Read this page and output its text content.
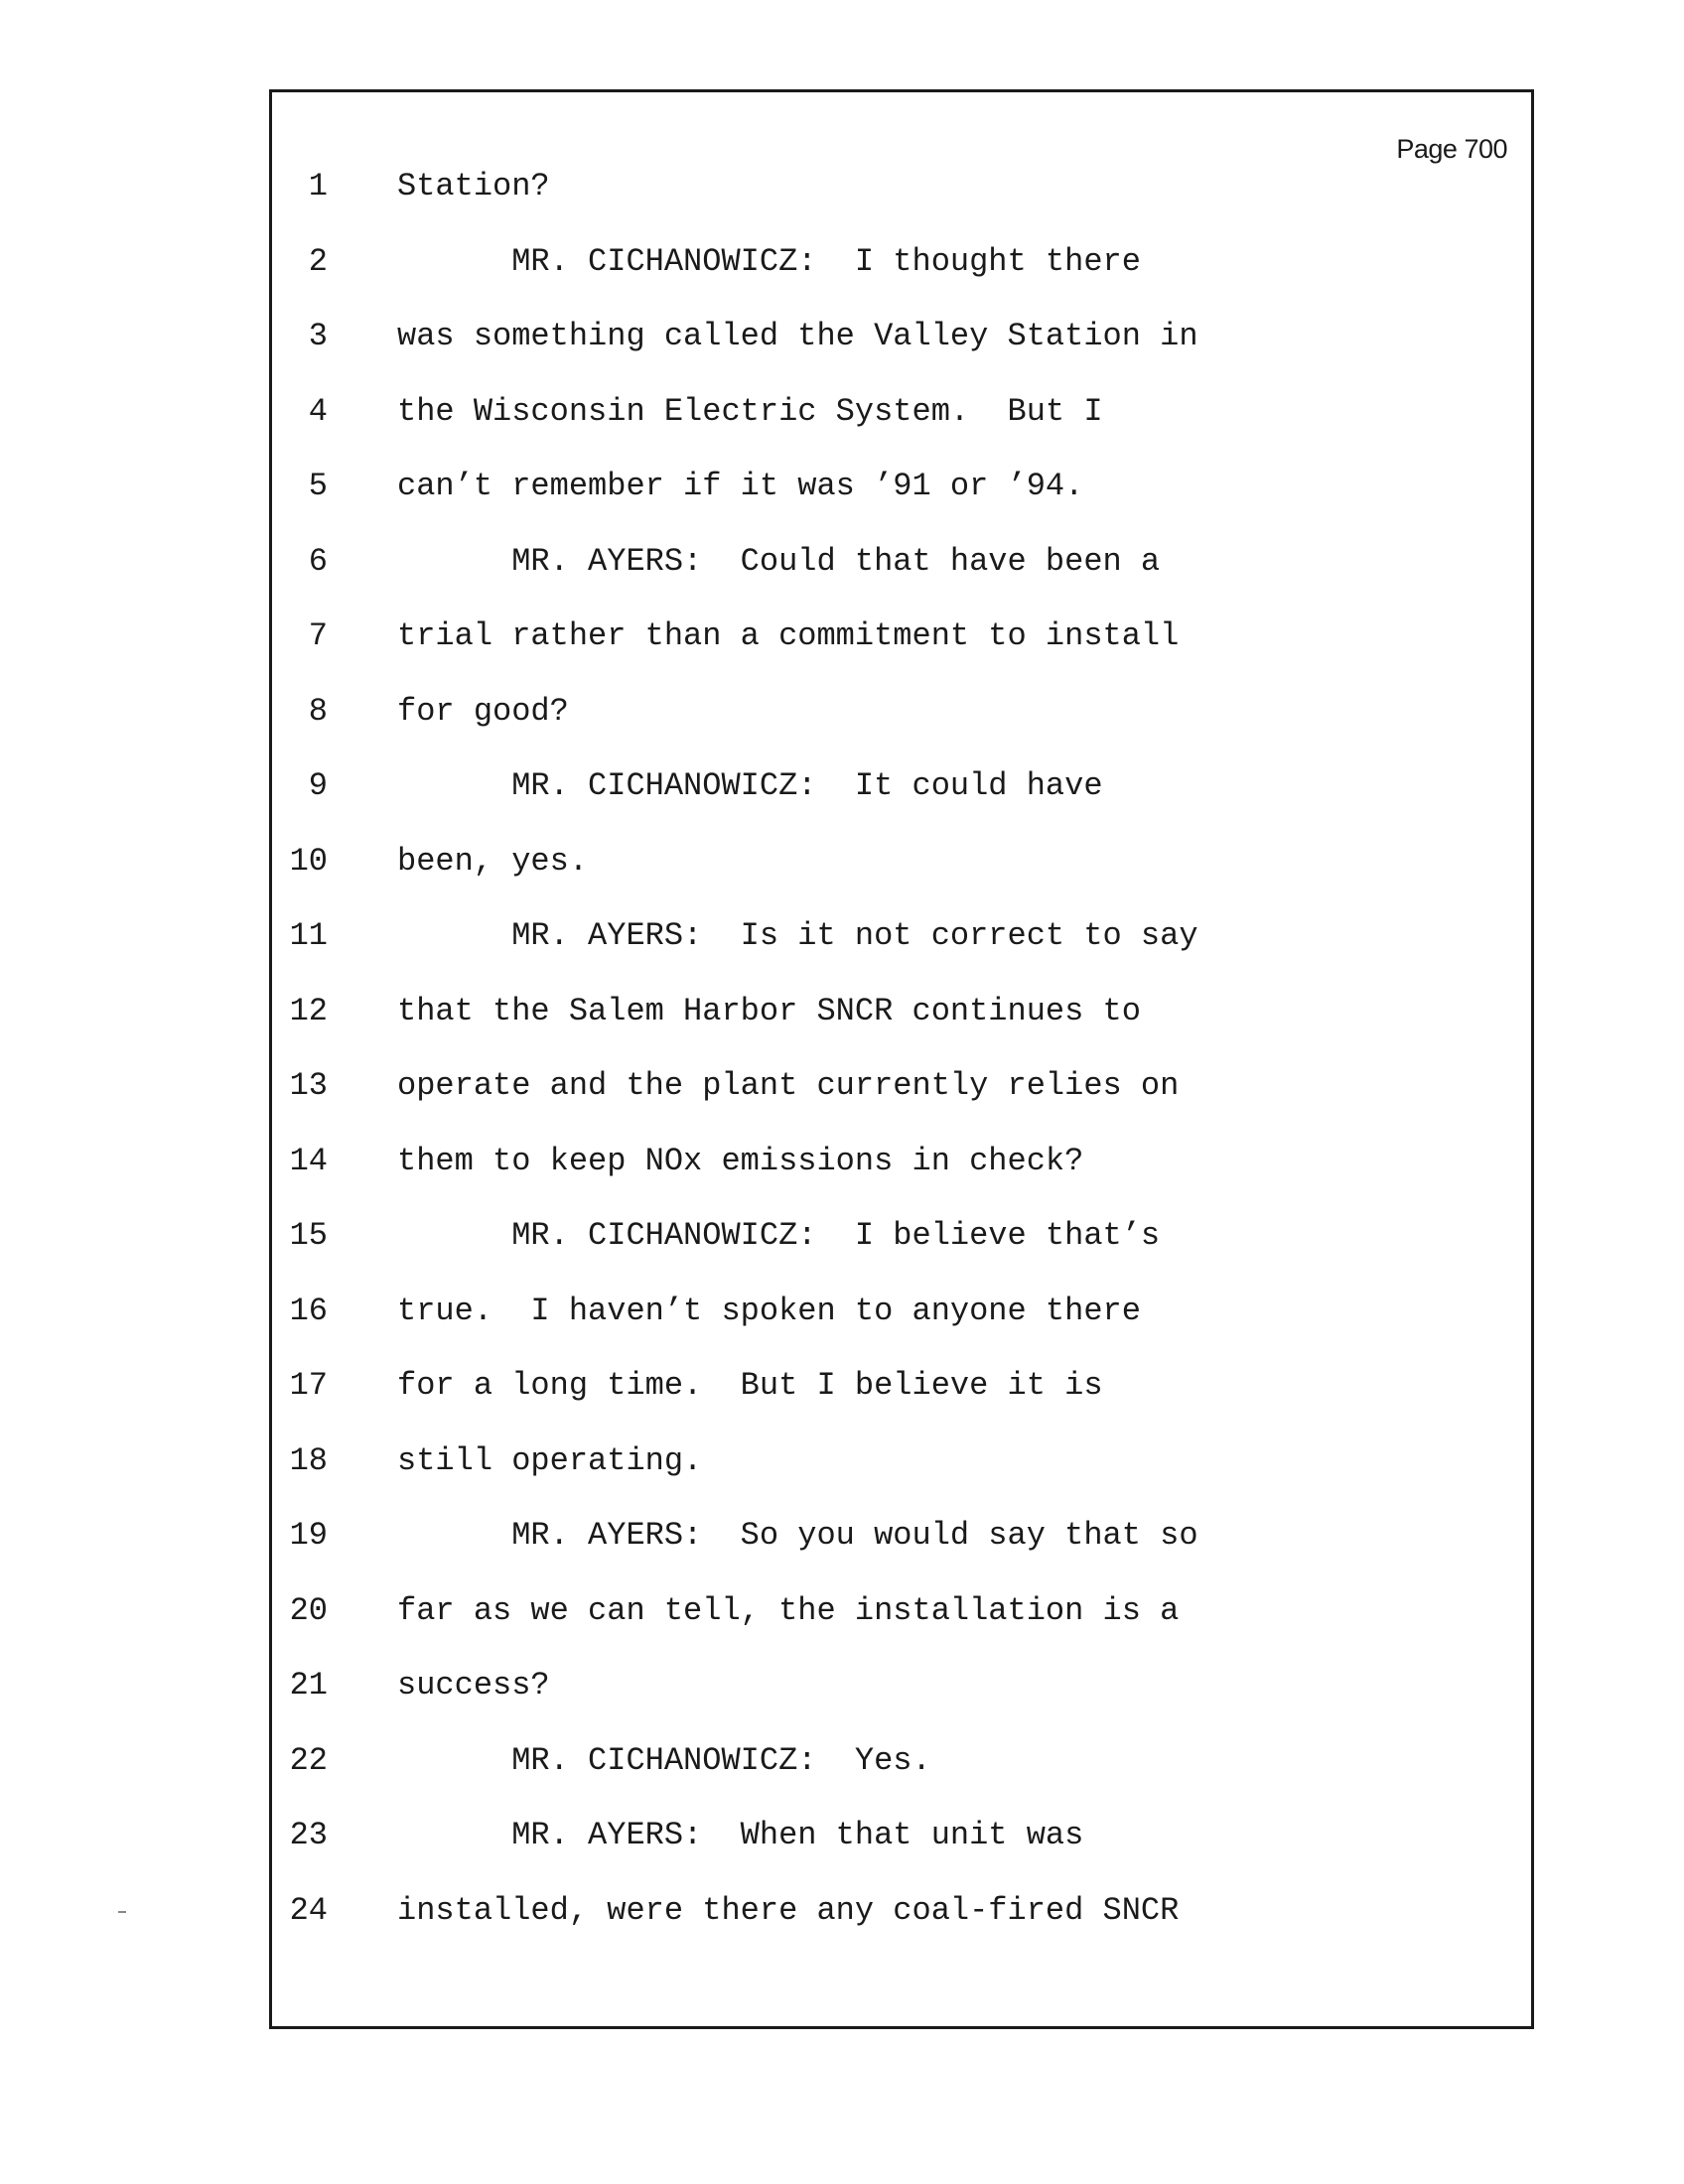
Page 700
1 Station?
2 MR. CICHANOWICZ:  I thought there
3 was something called the Valley Station in
4 the Wisconsin Electric System.  But I
5 can’t remember if it was ’91 or ’94.
6 MR. AYERS:  Could that have been a
7 trial rather than a commitment to install
8 for good?
9 MR. CICHANOWICZ:  It could have
10 been, yes.
11 MR. AYERS:  Is it not correct to say
12 that the Salem Harbor SNCR continues to
13 operate and the plant currently relies on
14 them to keep NOx emissions in check?
15 MR. CICHANOWICZ:  I believe that’s
16 true.  I haven’t spoken to anyone there
17 for a long time.  But I believe it is
18 still operating.
19 MR. AYERS:  So you would say that so
20 far as we can tell, the installation is a
21 success?
22 MR. CICHANOWICZ:  Yes.
23 MR. AYERS:  When that unit was
24 installed, were there any coal-fired SNCR
